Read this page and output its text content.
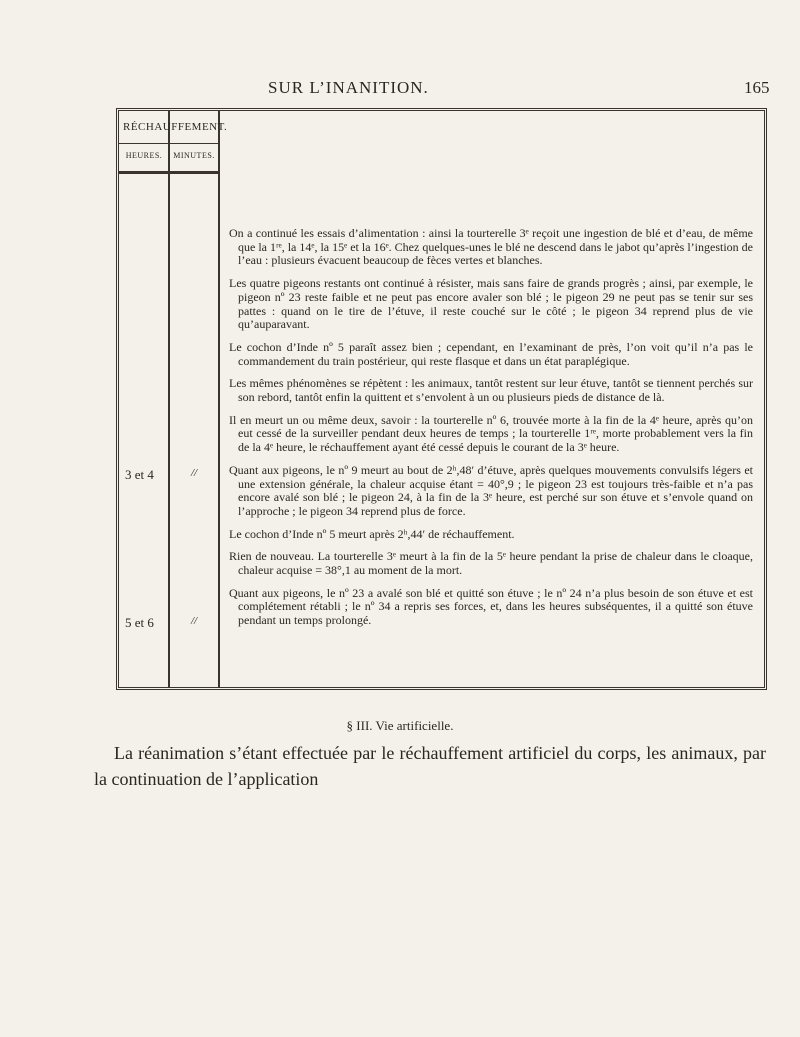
SUR L’INANITION.	165
RÉCHAUFFEMENT.
HEURES.	MINUTES.
3 et 4	//
5 et 6	//

On a continué les essais d’alimentation : ainsi la tourterelle 3ᵉ reçoit une ingestion de blé et d’eau, de même que la 1ʳᵉ, la 14ᵉ, la 15ᵉ et la 16ᵉ. Chez quelques-unes le blé ne descend dans le jabot qu’après l’ingestion de l’eau : plusieurs évacuent beaucoup de fèces vertes et blanches.

Les quatre pigeons restants ont continué à résister, mais sans faire de grands progrès ; ainsi, par exemple, le pigeon nº 23 reste faible et ne peut pas encore avaler son blé ; le pigeon 29 ne peut pas se tenir sur ses pattes : quand on le tire de l’étuve, il reste couché sur le côté ; le pigeon 34 reprend plus de vie qu’auparavant.

Le cochon d’Inde nº 5 paraît assez bien ; cependant, en l’examinant de près, l’on voit qu’il n’a pas le commandement du train postérieur, qui reste flasque et dans un état paraplégique.

Les mêmes phénomènes se répètent : les animaux, tantôt restent sur leur étuve, tantôt se tiennent perchés sur son rebord, tantôt enfin la quittent et s’envolent à un ou plusieurs pieds de distance de là.

Il en meurt un ou même deux, savoir : la tourterelle nº 6, trouvée morte à la fin de la 4ᵉ heure, après qu’on eut cessé de la surveiller pendant deux heures de temps ; la tourterelle 1ʳᵉ, morte probablement vers la fin de la 4ᵉ heure, le réchauffement ayant été cessé depuis le courant de la 3ᵉ heure.

Quant aux pigeons, le nº 9 meurt au bout de 2ʰ,48′ d’étuve, après quelques mouvements convulsifs légers et une extension générale, la chaleur acquise étant = 40°,9 ; le pigeon 23 est toujours très-faible et n’a pas encore avalé son blé ; le pigeon 24, à la fin de la 3ᵉ heure, est perché sur son étuve et s’envole quand on l’approche ; le pigeon 34 reprend plus de force.

Le cochon d’Inde nº 5 meurt après 2ʰ,44′ de réchauffement.

Rien de nouveau. La tourterelle 3ᵉ meurt à la fin de la 5ᵉ heure pendant la prise de chaleur dans le cloaque, chaleur acquise = 38°,1 au moment de la mort.

Quant aux pigeons, le nº 23 a avalé son blé et quitté son étuve ; le nº 24 n’a plus besoin de son étuve et est complétement rétabli ; le nº 34 a repris ses forces, et, dans les heures subséquentes, il a quitté son étuve pendant un temps prolongé.

§ III. Vie artificielle.
La réanimation s’étant effectuée par le réchauffement artificiel du corps, les animaux, par la continuation de l’application
